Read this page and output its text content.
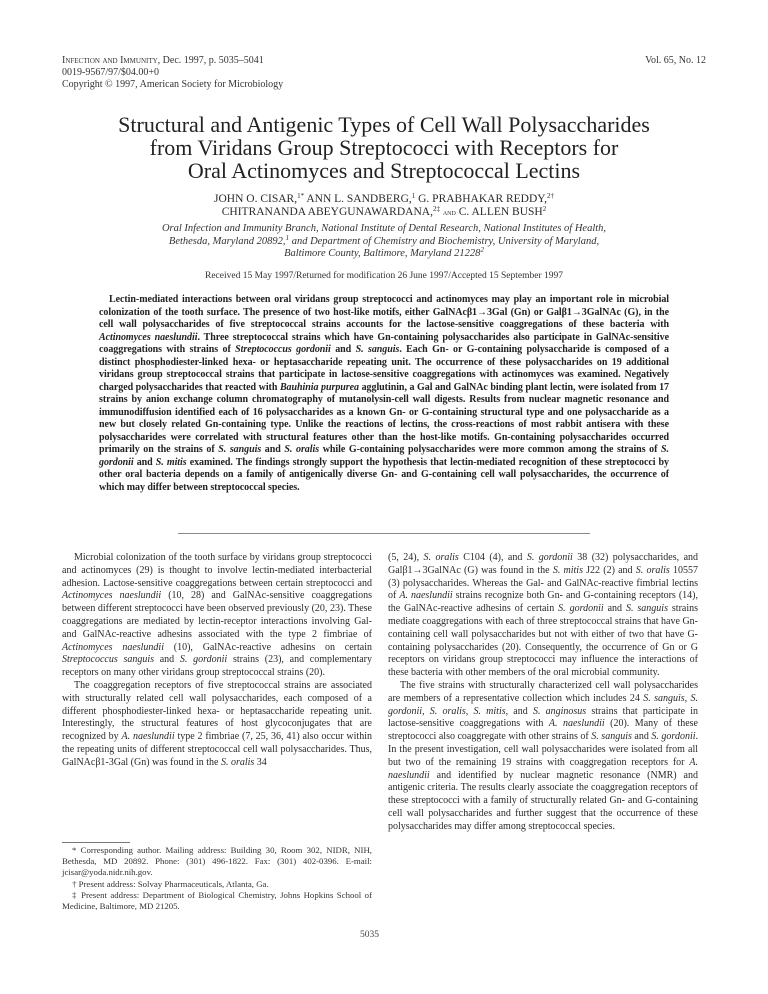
Infection and Immunity, Dec. 1997, p. 5035–5041	Vol. 65, No. 12
0019-9567/97/$04.00+0
Copyright © 1997, American Society for Microbiology
Structural and Antigenic Types of Cell Wall Polysaccharides
from Viridans Group Streptococci with Receptors for
Oral Actinomyces and Streptococcal Lectins
JOHN O. CISAR,$^{1*}$ ANN L. SANDBERG,$^1$ G. PRABHAKAR REDDY,$^{2\dagger}$
CHITRANANDA ABEYGUNAWARDANA,$^{2\ddagger}$ and C. ALLEN BUSH$^2$
Oral Infection and Immunity Branch, National Institute of Dental Research, National Institutes of Health,
Bethesda, Maryland 20892,$^1$ and Department of Chemistry and Biochemistry, University of Maryland,
Baltimore County, Baltimore, Maryland 21228$^2$
Received 15 May 1997/Returned for modification 26 June 1997/Accepted 15 September 1997
Lectin-mediated interactions between oral viridans group streptococci and actinomyces may play an important role in microbial colonization of the tooth surface. The presence of two host-like motifs, either GalNAcβ1→3Gal (Gn) or Galβ1→3GalNAc (G), in the cell wall polysaccharides of five streptococcal strains accounts for the lactose-sensitive coaggregations of these bacteria with Actinomyces naeslundii. Three streptococcal strains which have Gn-containing polysaccharides also participate in GalNAc-sensitive coaggregations with strains of Streptococcus gordonii and S. sanguis. Each Gn- or G-containing polysaccharide is composed of a distinct phosphodiester-linked hexa- or heptasaccharide repeating unit. The occurrence of these polysaccharides on 19 additional viridans group streptococcal strains that participate in lactose-sensitive coaggregations with actinomyces was examined. Negatively charged polysaccharides that reacted with Bauhinia purpurea agglutinin, a Gal and GalNAc binding plant lectin, were isolated from 17 strains by anion exchange column chromatography of mutanolysin-cell wall digests. Results from nuclear magnetic resonance and immunodiffusion identified each of 16 polysaccharides as a known Gn- or G-containing structural type and one polysaccharide as a new but closely related Gn-containing type. Unlike the reactions of lectins, the cross-reactions of most rabbit antisera with these polysaccharides were correlated with structural features other than the host-like motifs. Gn-containing polysaccharides occurred primarily on the strains of S. sanguis and S. oralis while G-containing polysaccharides were more common among the strains of S. gordonii and S. mitis examined. The findings strongly support the hypothesis that lectin-mediated recognition of these streptococci by other oral bacteria depends on a family of antigenically diverse Gn- and G-containing cell wall polysaccharides, the occurrence of which may differ between streptococcal species.

Microbial colonization of the tooth surface by viridans group streptococci and actinomyces (29) is thought to involve lectin-mediated interbacterial adhesion. Lactose-sensitive coaggregations between certain streptococci and Actinomyces naeslundii (10, 28) and GalNAc-sensitive coaggregations between different streptococci have been observed previously (20, 23). These coaggregations are mediated by lectin-receptor interactions involving Gal- and GalNAc-reactive adhesins associated with the type 2 fimbriae of Actinomyces naeslundii (10), GalNAc-reactive adhesins on certain Streptococcus sanguis and S. gordonii strains (23), and complementary receptors on many other viridans group streptococcal strains (20).

The coaggregation receptors of five streptococcal strains are associated with structurally related cell wall polysaccharides, each composed of a different phosphodiester-linked hexa- or heptasaccharide repeating unit. Interestingly, the structural features of host glycoconjugates that are recognized by A. naeslundii type 2 fimbriae (7, 25, 36, 41) also occur within the repeating units of different streptococcal cell wall polysaccharides. Thus, GalNAcβ1-3Gal (Gn) was found in the S. oralis 34

(5, 24), S. oralis C104 (4), and S. gordonii 38 (32) polysaccharides, and Galβ1→3GalNAc (G) was found in the S. mitis J22 (2) and S. oralis 10557 (3) polysaccharides. Whereas the Gal- and GalNAc-reactive fimbrial lectins of A. naeslundii strains recognize both Gn- and G-containing receptors (14), the GalNAc-reactive adhesins of certain S. gordonii and S. sanguis strains mediate coaggregations with each of three streptococcal strains that have Gn-containing cell wall polysaccharides but not with either of two that have G-containing polysaccharides (20). Consequently, the occurrence of Gn or G receptors on viridans group streptococci may influence the interactions of these bacteria with other members of the oral microbial community.

The five strains with structurally characterized cell wall polysaccharides are members of a representative collection which includes 24 S. sanguis, S. gordonii, S. oralis, S. mitis, and S. anginosus strains that participate in lactose-sensitive coaggregations with A. naeslundii (20). Many of these streptococci also coaggregate with other strains of S. sanguis and S. gordonii. In the present investigation, cell wall polysaccharides were isolated from all but two of the remaining 19 strains with coaggregation receptors for A. naeslundii and identified by nuclear magnetic resonance (NMR) and antigenic criteria. The results clearly associate the coaggregation receptors of these streptococci with a family of structurally related Gn- and G-containing cell wall polysaccharides and further suggest that the occurrence of these polysaccharides may differ among streptococcal species.

* Corresponding author. Mailing address: Building 30, Room 302, NIDR, NIH, Bethesda, MD 20892. Phone: (301) 496-1822. Fax: (301) 402-0396. E-mail: jcisar@yoda.nidr.nih.gov.

† Present address: Solvay Pharmaceuticals, Atlanta, Ga.

‡ Present address: Department of Biological Chemistry, Johns Hopkins School of Medicine, Baltimore, MD 21205.

5035
